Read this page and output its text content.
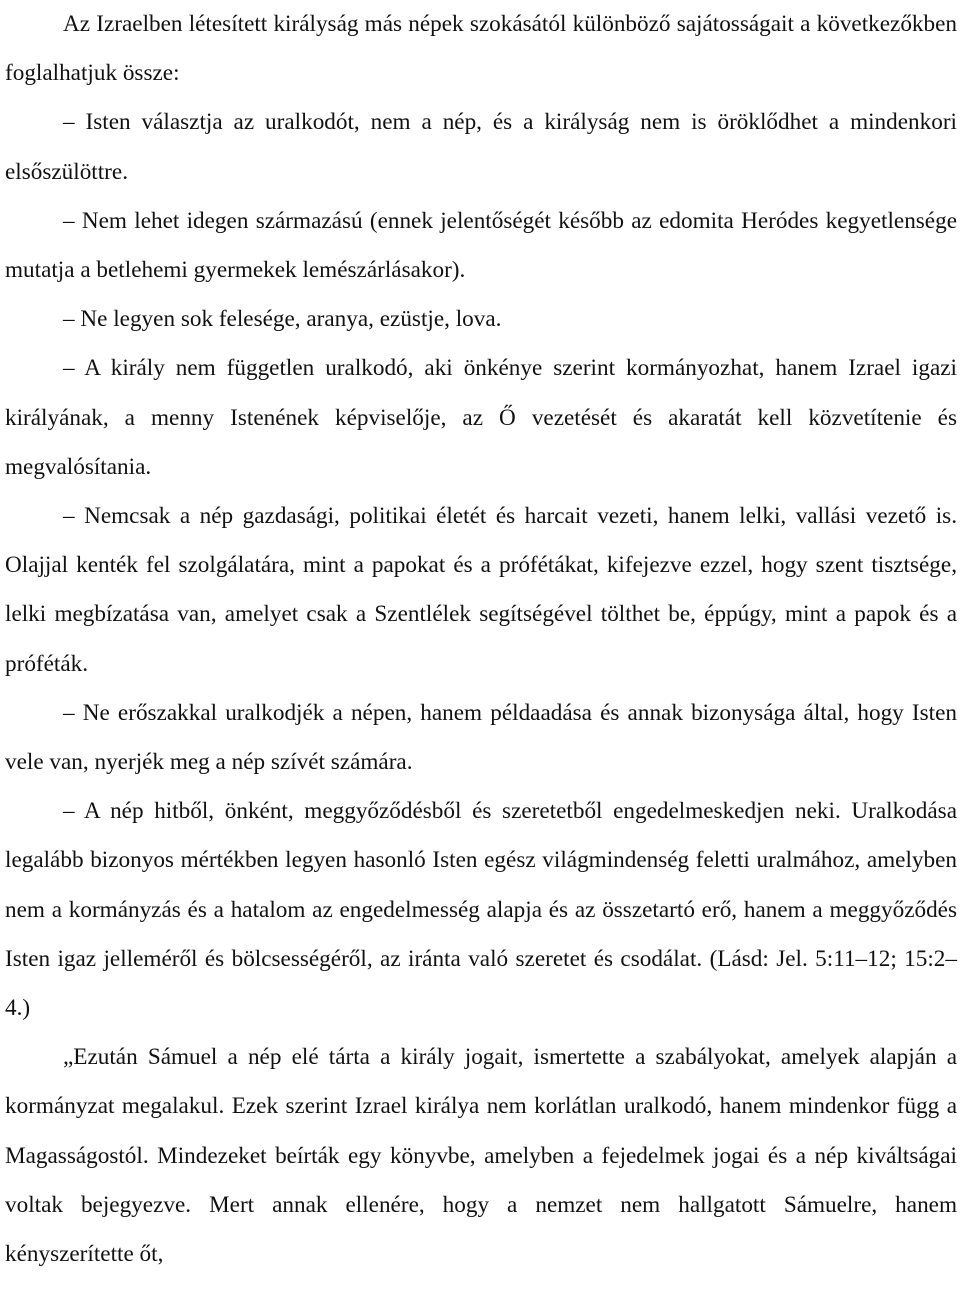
Az Izraelben létesített királyság más népek szokásától különböző sajátosságait a következőkben foglalhatjuk össze:

– Isten választja az uralkodót, nem a nép, és a királyság nem is öröklődhet a mindenkori elsőszülöttre.

– Nem lehet idegen származású (ennek jelentőségét később az edomita Heródes kegyetlensége mutatja a betlehemi gyermekek lemészárlásakor).

– Ne legyen sok felesége, aranya, ezüstje, lova.

– A király nem független uralkodó, aki önkénye szerint kormányozhat, hanem Izrael igazi királyának, a menny Istenének képviselője, az Ő vezetését és akaratát kell közvetítenie és megvalósítania.

– Nemcsak a nép gazdasági, politikai életét és harcait vezeti, hanem lelki, vallási vezető is. Olajjal kenték fel szolgálatára, mint a papokat és a prófétákat, kifejezve ezzel, hogy szent tisztsége, lelki megbízatása van, amelyet csak a Szentlélek segítségével tölthet be, éppúgy, mint a papok és a próféták.

– Ne erőszakkal uralkodjék a népen, hanem példaadása és annak bizonysága által, hogy Isten vele van, nyerjék meg a nép szívét számára.

– A nép hitből, önként, meggyőződésből és szeretetből engedelmeskedjen neki. Uralkodása legalább bizonyos mértékben legyen hasonló Isten egész világmindenség feletti uralmához, amelyben nem a kormányzás és a hatalom az engedelmesség alapja és az összetartó erő, hanem a meggyőződés Isten igaz jelleméről és bölcsességéről, az iránta való szeretet és csodálat. (Lásd: Jel. 5:11–12; 15:2–4.)

„Ezután Sámuel a nép elé tárta a király jogait, ismertette a szabályokat, amelyek alapján a kormányzat megalakul. Ezek szerint Izrael királya nem korlátlan uralkodó, hanem mindenkor függ a Magasságostól. Mindezeket beírták egy könyvbe, amelyben a fejedelmek jogai és a nép kiváltságai voltak bejegyezve. Mert annak ellenére, hogy a nemzet nem hallgatott Sámuelre, hanem kényszerítette őt,
